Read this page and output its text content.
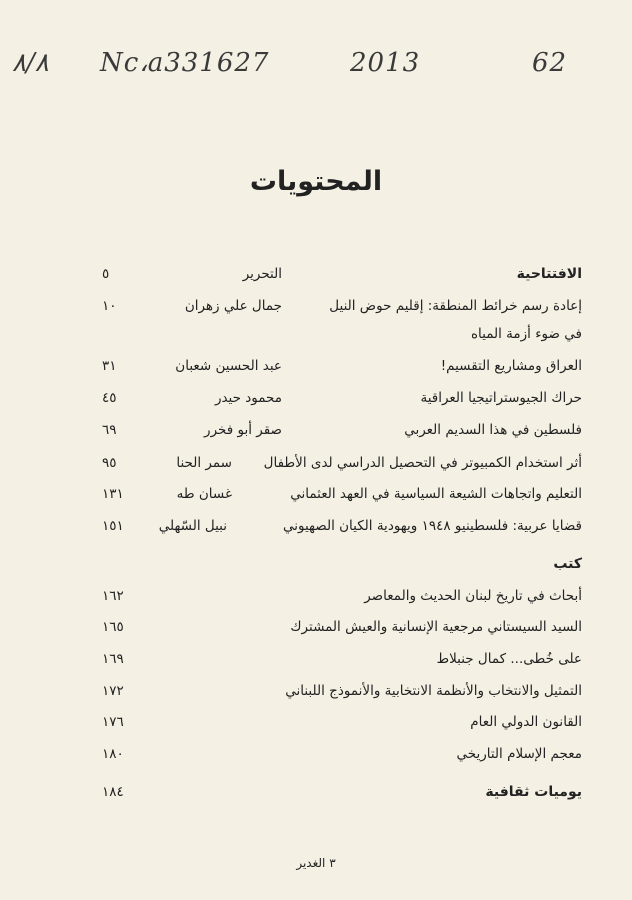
٨/٨ Nc،a331627	2013	62
المحتويات
الافتتاحية
التحرير
٥
إعادة رسم خرائط المنطقة: إقليم حوض النيل
جمال علي زهران
١٠
في ضوء أزمة المياه
العراق ومشاريع التقسيم!
عبد الحسين شعبان
٣١
حراك الجيوستراتيجيا العراقية
محمود حيدر
٤٥
فلسطين في هذا السديم العربي
صقر أبو فخرر
٦٩
أثر استخدام الكمبيوتر في التحصيل الدراسي لدى الأطفال
سمر الحنا
٩٥
التعليم واتجاهات الشيعة السياسية في العهد العثماني
غسان طه
١٣١
قضايا عربية: فلسطينيو ١٩٤٨ ويهودية الكيان الصهيوني
نبيل السّهلي
١٥١
كتب
أبحاث في تاريخ لبنان الحديث والمعاصر
١٦٢
السيد السيستاني مرجعية الإنسانية والعيش المشترك
١٦٥
على خُطى... كمال جنبلاط
١٦٩
التمثيل والانتخاب والأنظمة الانتخابية والأنموذج اللبناني
١٧٢
القانون الدولي العام
١٧٦
معجم الإسلام التاريخي
١٨٠
يوميات ثقافية
١٨٤
٣ الغدير
